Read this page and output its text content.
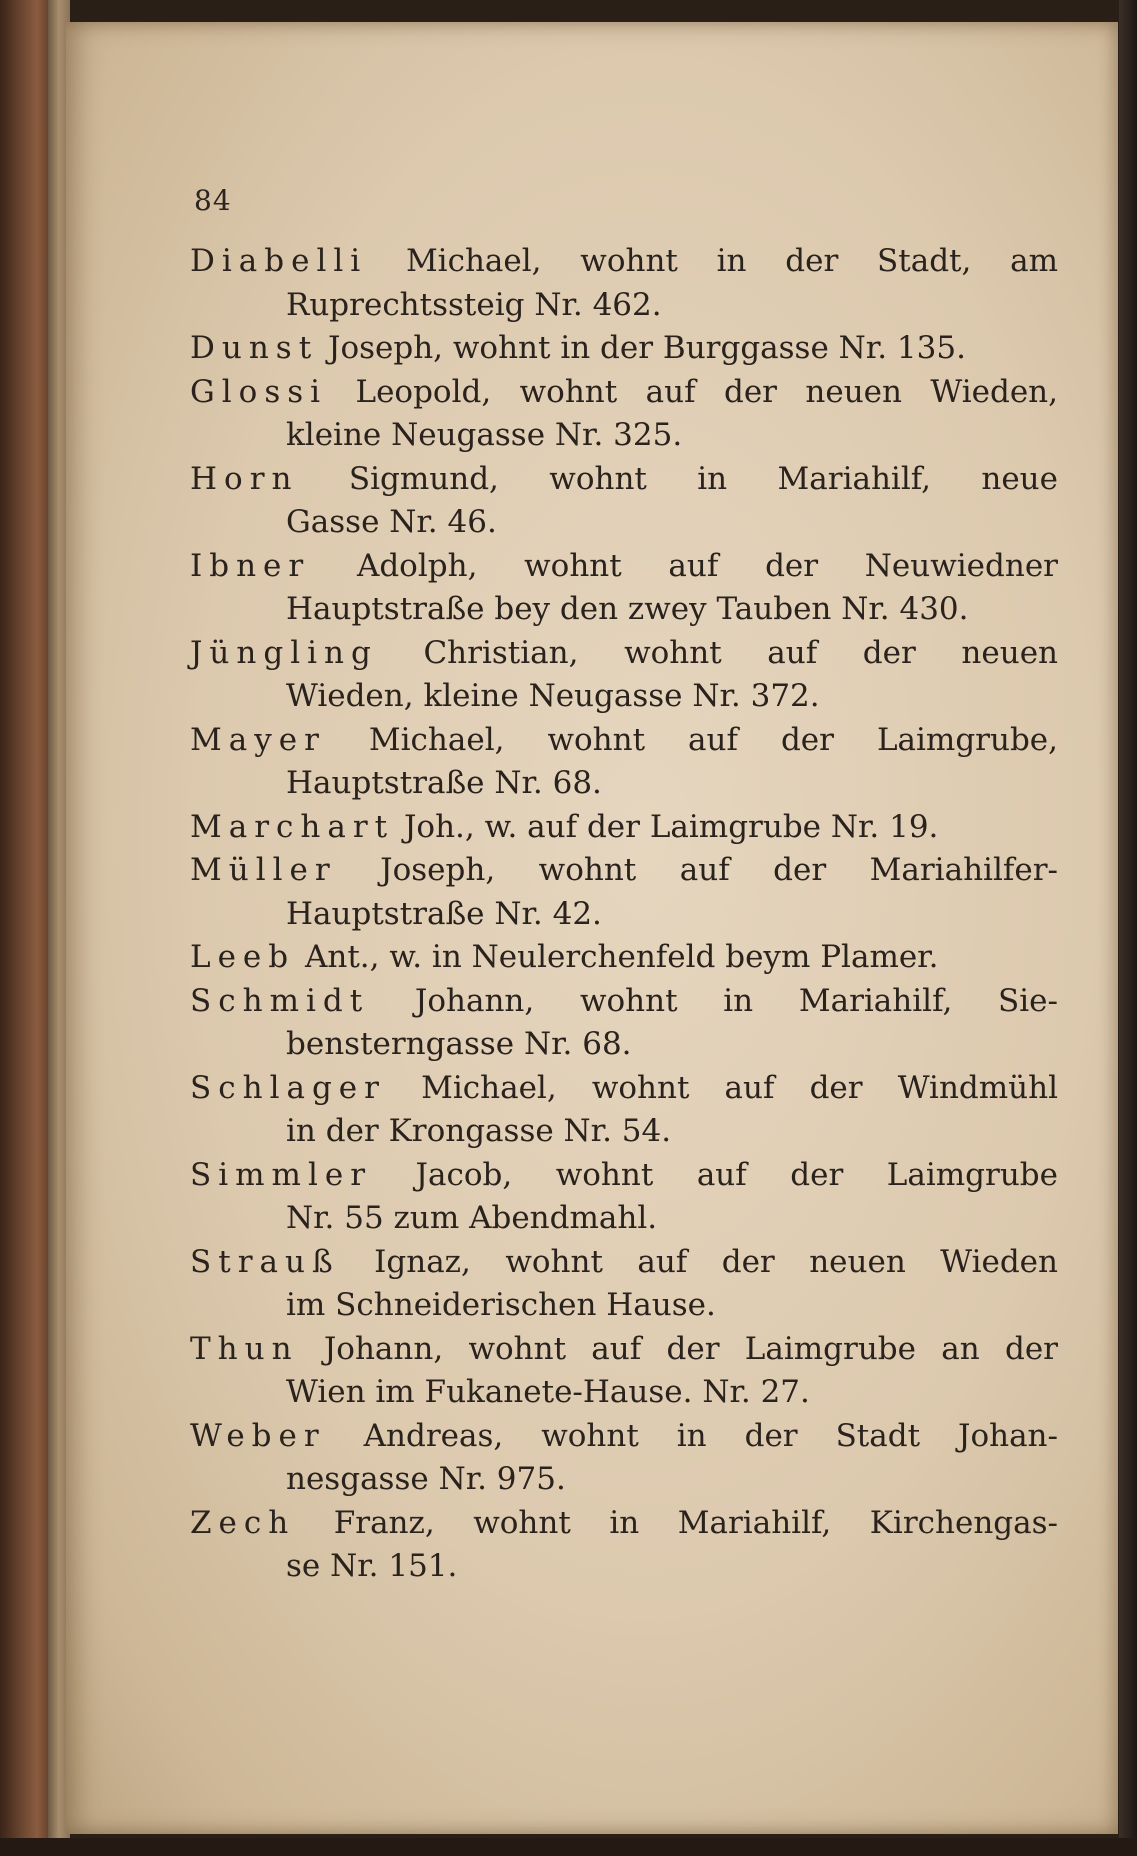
84
Diabelli Michael, wohnt in der Stadt, am
Ruprechtssteig Nr. 462.
Dunst Joseph, wohnt in der Burggasse Nr. 135.
Glossi Leopold, wohnt auf der neuen Wieden,
kleine Neugasse Nr. 325.
Horn Sigmund, wohnt in Mariahilf, neue
Gasse Nr. 46.
Ibner Adolph, wohnt auf der Neuwiedner
Hauptstraße bey den zwey Tauben Nr. 430.
Jüngling Christian, wohnt auf der neuen
Wieden, kleine Neugasse Nr. 372.
Mayer Michael, wohnt auf der Laimgrube,
Hauptstraße Nr. 68.
Marchart Joh., w. auf der Laimgrube Nr. 19.
Müller Joseph, wohnt auf der Mariahilfer-
Hauptstraße Nr. 42.
Leeb Ant., w. in Neulerchenfeld beym Plamer.
Schmidt Johann, wohnt in Mariahilf, Sie-
bensterngasse Nr. 68.
Schlager Michael, wohnt auf der Windmühl
in der Krongasse Nr. 54.
Simmler Jacob, wohnt auf der Laimgrube
Nr. 55 zum Abendmahl.
Strauß Ignaz, wohnt auf der neuen Wieden
im Schneiderischen Hause.
Thun Johann, wohnt auf der Laimgrube an der
Wien im Fukanete-Hause. Nr. 27.
Weber Andreas, wohnt in der Stadt Johan-
nesgasse Nr. 975.
Zech Franz, wohnt in Mariahilf, Kirchengas-
se Nr. 151.
